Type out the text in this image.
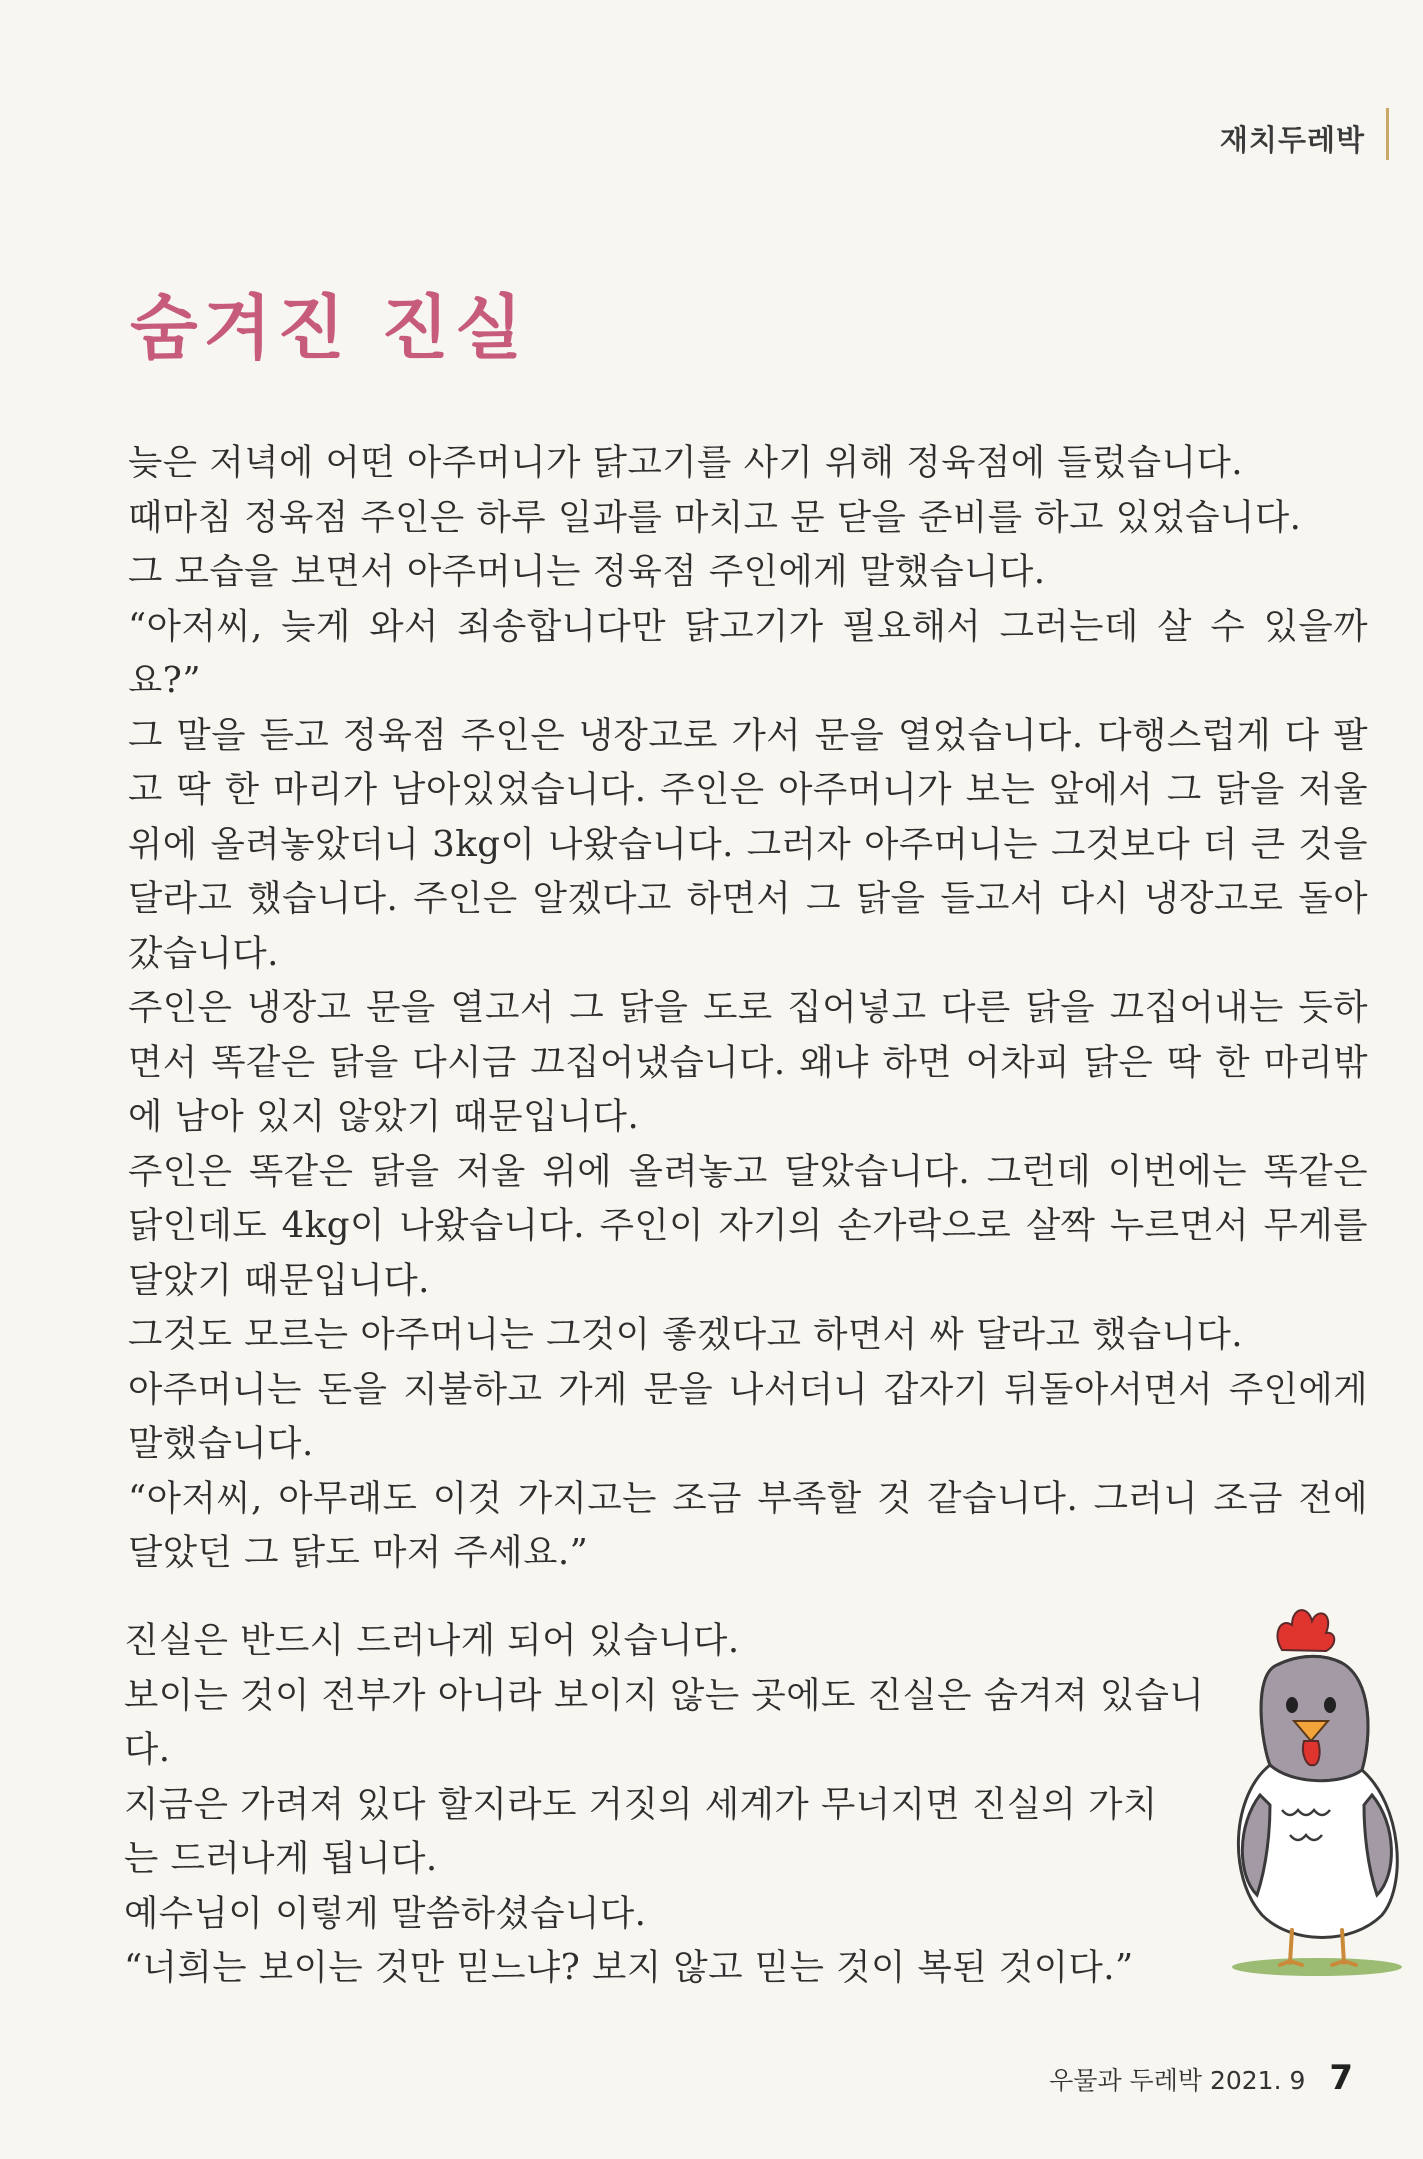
재치두레박
숨겨진 진실

늦은 저녁에 어떤 아주머니가 닭고기를 사기 위해 정육점에 들렀습니다.

때마침 정육점 주인은 하루 일과를 마치고 문 닫을 준비를 하고 있었습니다.

그 모습을 보면서 아주머니는 정육점 주인에게 말했습니다.

“아저씨, 늦게 와서 죄송합니다만 닭고기가 필요해서 그러는데 살 수 있을까요?”

그 말을 듣고 정육점 주인은 냉장고로 가서 문을 열었습니다. 다행스럽게 다 팔고 딱 한 마리가 남아있었습니다. 주인은 아주머니가 보는 앞에서 그 닭을 저울위에 올려놓았더니 3kg이 나왔습니다. 그러자 아주머니는 그것보다 더 큰 것을 달라고 했습니다. 주인은 알겠다고 하면서 그 닭을 들고서 다시 냉장고로 돌아갔습니다.

주인은 냉장고 문을 열고서 그 닭을 도로 집어넣고 다른 닭을 끄집어내는 듯하면서 똑같은 닭을 다시금 끄집어냈습니다. 왜냐 하면 어차피 닭은 딱 한 마리밖에 남아 있지 않았기 때문입니다.

주인은 똑같은 닭을 저울 위에 올려놓고 달았습니다. 그런데 이번에는 똑같은 닭인데도 4kg이 나왔습니다. 주인이 자기의 손가락으로 살짝 누르면서 무게를 달았기 때문입니다.

그것도 모르는 아주머니는 그것이 좋겠다고 하면서 싸 달라고 했습니다.

아주머니는 돈을 지불하고 가게 문을 나서더니 갑자기 뒤돌아서면서 주인에게 말했습니다.

“아저씨, 아무래도 이것 가지고는 조금 부족할 것 같습니다. 그러니 조금 전에 달았던 그 닭도 마저 주세요.”

진실은 반드시 드러나게 되어 있습니다.

보이는 것이 전부가 아니라 보이지 않는 곳에도 진실은 숨겨져 있습니다.

지금은 가려져 있다 할지라도 거짓의 세계가 무너지면 진실의 가치는 드러나게 됩니다.

예수님이 이렇게 말씀하셨습니다.

“너희는 보이는 것만 믿느냐? 보지 않고 믿는 것이 복된 것이다.”

우물과 두레박 2021. 9 7
